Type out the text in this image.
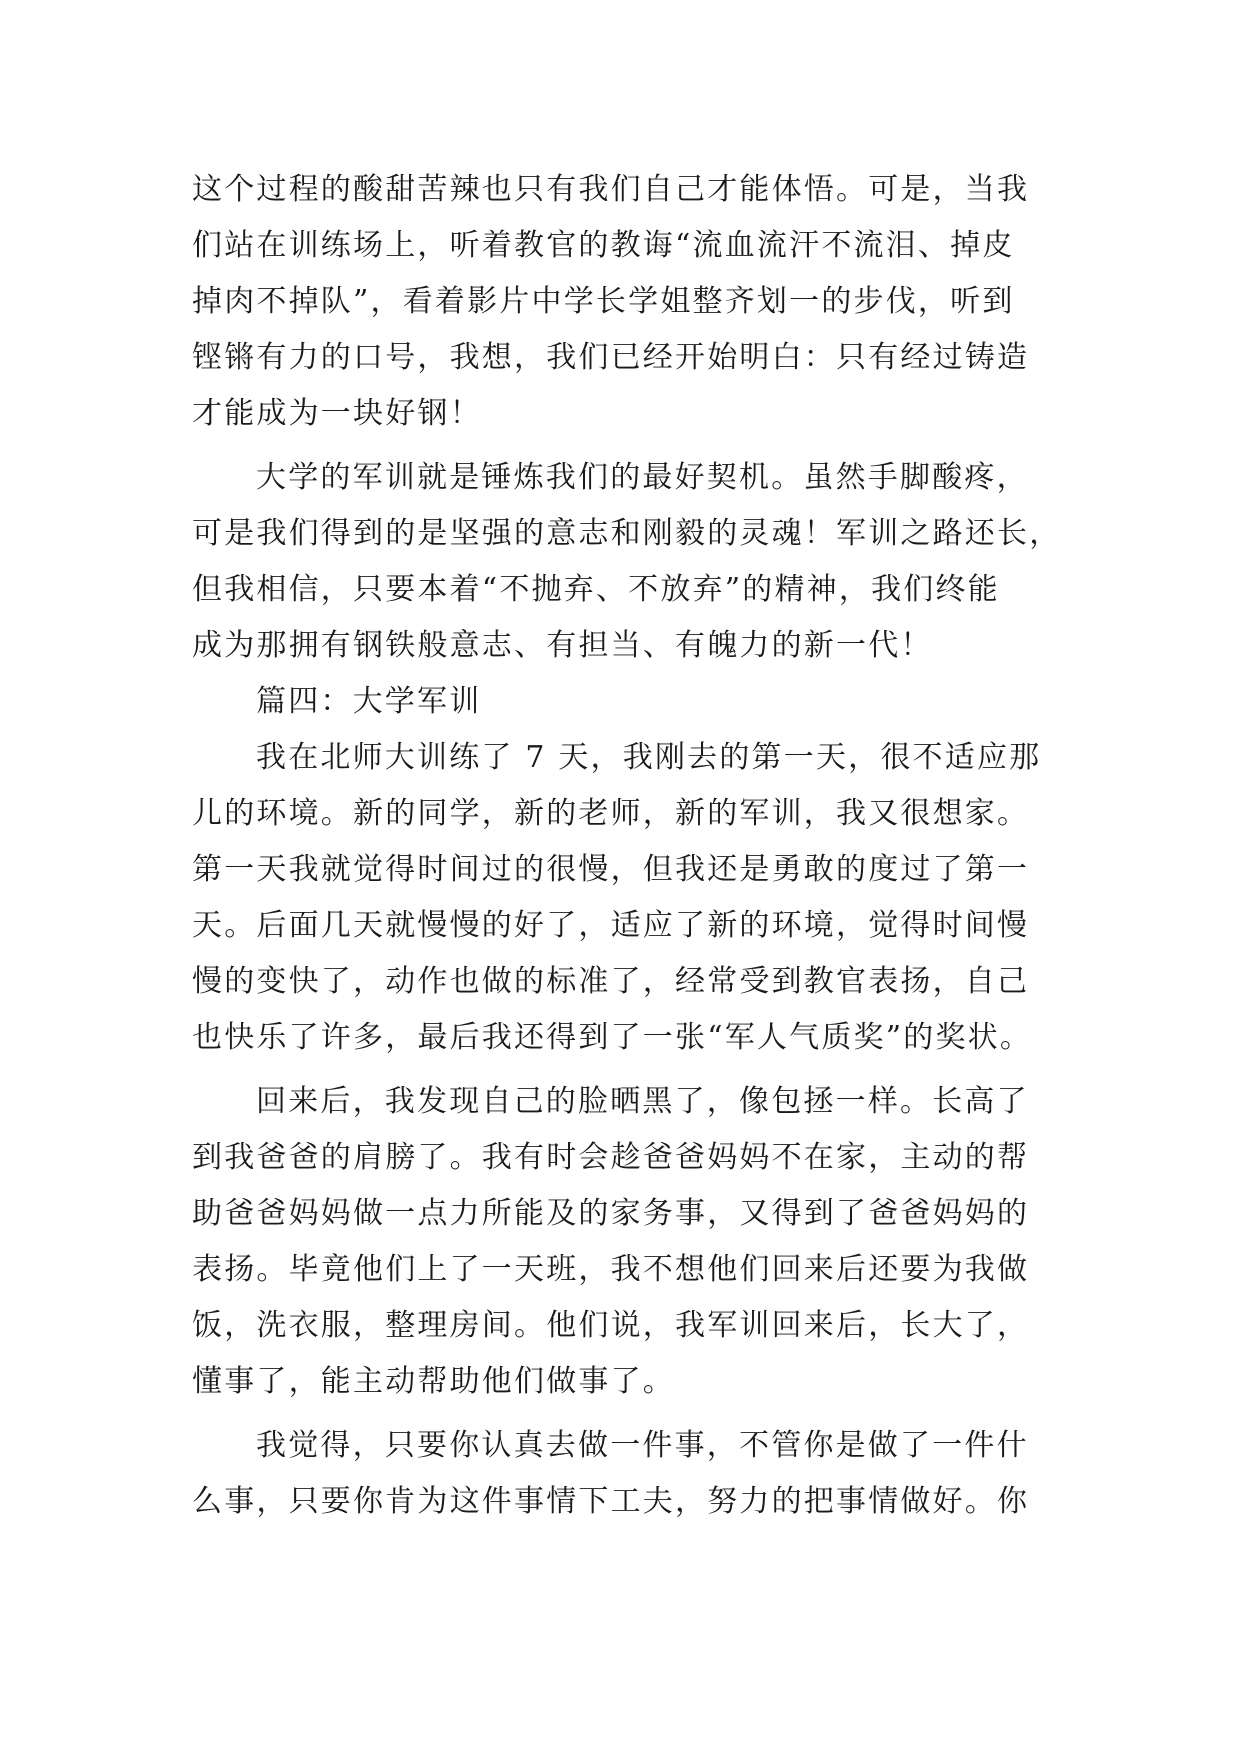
这个过程的酸甜苦辣也只有我们自己才能体悟。可是，当我
们站在训练场上，听着教官的教诲“流血流汗不流泪、掉皮
掉肉不掉队”，看着影片中学长学姐整齐划一的步伐，听到
铿锵有力的口号，我想，我们已经开始明白：只有经过铸造
才能成为一块好钢！
大学的军训就是锤炼我们的最好契机。虽然手脚酸疼，
可是我们得到的是坚强的意志和刚毅的灵魂！军训之路还长，
但我相信，只要本着“不抛弃、不放弃”的精神，我们终能
成为那拥有钢铁般意志、有担当、有魄力的新一代！
篇四：大学军训
我在北师大训练了 7 天，我刚去的第一天，很不适应那
儿的环境。新的同学，新的老师，新的军训，我又很想家。
第一天我就觉得时间过的很慢，但我还是勇敢的度过了第一
天。后面几天就慢慢的好了，适应了新的环境，觉得时间慢
慢的变快了，动作也做的标准了，经常受到教官表扬，自己
也快乐了许多，最后我还得到了一张“军人气质奖”的奖状。
回来后，我发现自己的脸晒黑了，像包拯一样。长高了
到我爸爸的肩膀了。我有时会趁爸爸妈妈不在家，主动的帮
助爸爸妈妈做一点力所能及的家务事，又得到了爸爸妈妈的
表扬。毕竟他们上了一天班，我不想他们回来后还要为我做
饭，洗衣服，整理房间。他们说，我军训回来后，长大了，
懂事了，能主动帮助他们做事了。
我觉得，只要你认真去做一件事，不管你是做了一件什
么事，只要你肯为这件事情下工夫，努力的把事情做好。你
